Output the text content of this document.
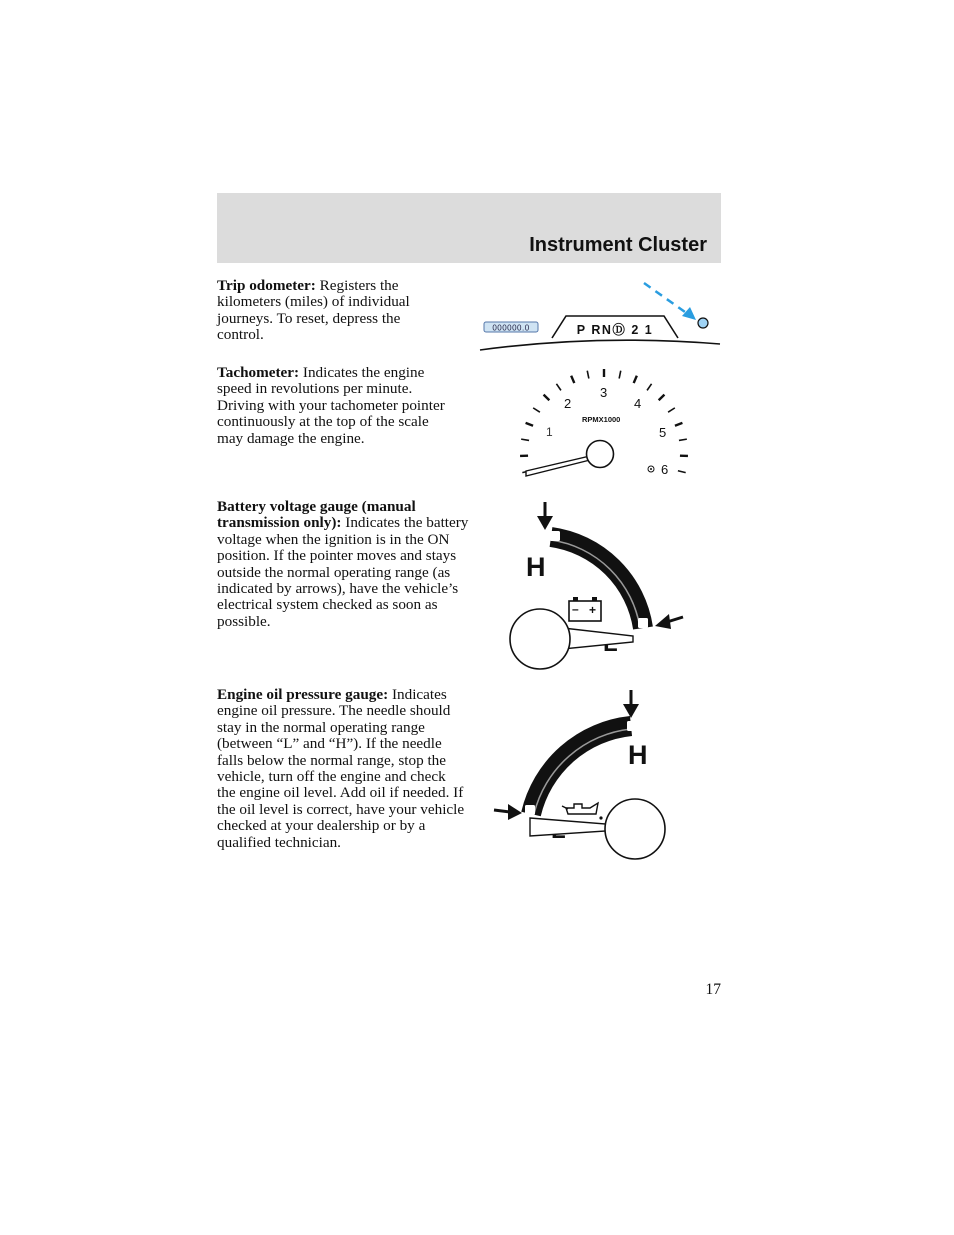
Instrument Cluster

Trip odometer: Registers the kilometers (miles) of individual journeys. To reset, depress the control.

Tachometer: Indicates the engine speed in revolutions per minute. Driving with your tachometer pointer continuously at the top of the scale may damage the engine.

Battery voltage gauge (manual transmission only): Indicates the battery voltage when the ignition is in the ON position. If the pointer moves and stays outside the normal operating range (as indicated by arrows), have the vehicle’s electrical system checked as soon as possible.

Engine oil pressure gauge: Indicates engine oil pressure. The needle should stay in the normal operating range (between “L” and “H”). If the needle falls below the normal range, stop the vehicle, turn off the engine and check the engine oil level. Add oil if needed. If the oil level is correct, have your vehicle checked at your dealership or by a qualified technician.

000000.0	P RNⒹ 2 1
1
2
3
4
5
6
RPMX1000
H
– +
H
17
